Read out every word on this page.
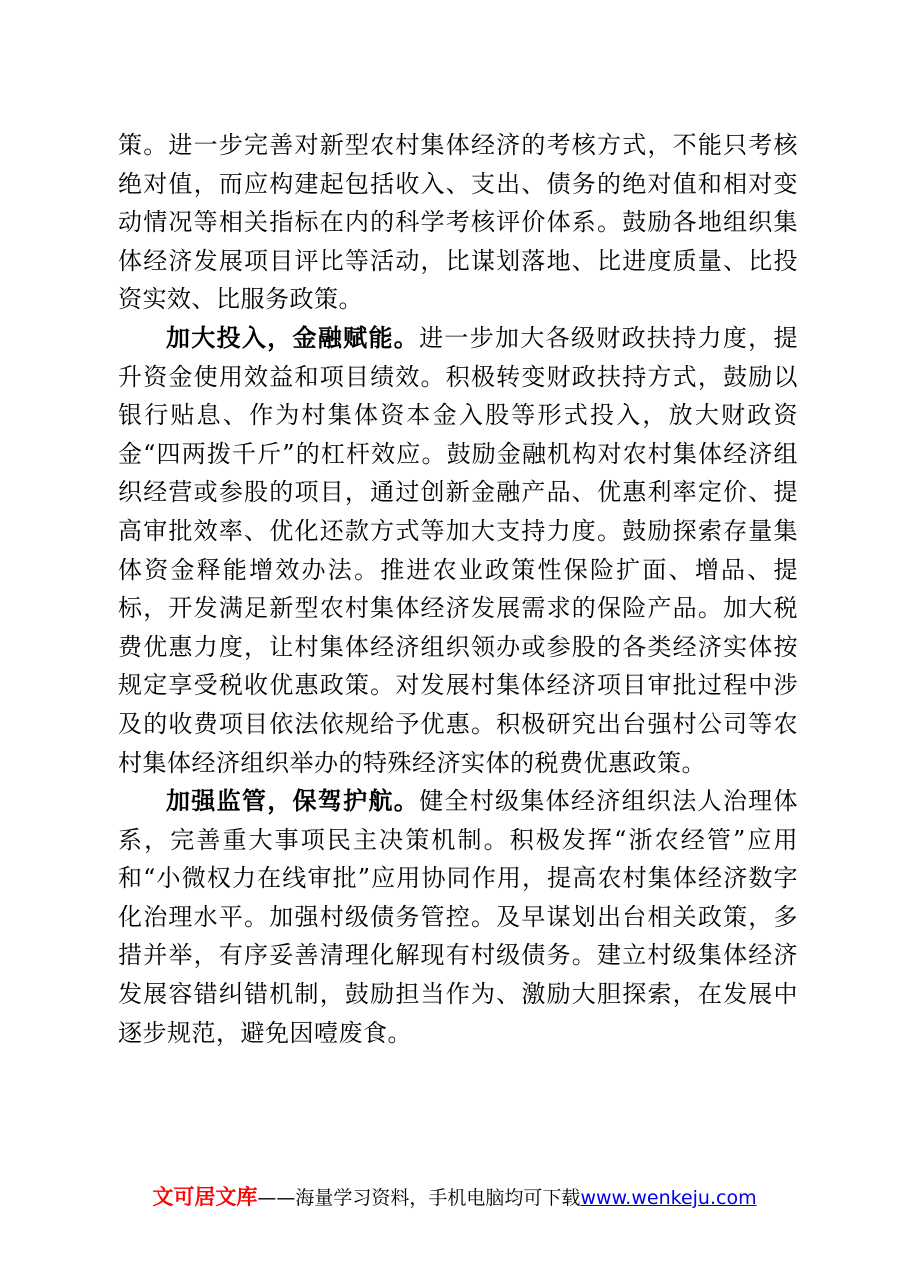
策。进一步完善对新型农村集体经济的考核方式，不能只考核绝对值，而应构建起包括收入、支出、债务的绝对值和相对变动情况等相关指标在内的科学考核评价体系。鼓励各地组织集体经济发展项目评比等活动，比谋划落地、比进度质量、比投资实效、比服务政策。

加大投入，金融赋能。进一步加大各级财政扶持力度，提升资金使用效益和项目绩效。积极转变财政扶持方式，鼓励以银行贴息、作为村集体资本金入股等形式投入，放大财政资金“四两拨千斤”的杠杆效应。鼓励金融机构对农村集体经济组织经营或参股的项目，通过创新金融产品、优惠利率定价、提高审批效率、优化还款方式等加大支持力度。鼓励探索存量集体资金释能增效办法。推进农业政策性保险扩面、增品、提标，开发满足新型农村集体经济发展需求的保险产品。加大税费优惠力度，让村集体经济组织领办或参股的各类经济实体按规定享受税收优惠政策。对发展村集体经济项目审批过程中涉及的收费项目依法依规给予优惠。积极研究出台强村公司等农村集体经济组织举办的特殊经济实体的税费优惠政策。

加强监管，保驾护航。健全村级集体经济组织法人治理体系，完善重大事项民主决策机制。积极发挥“浙农经管”应用和“小微权力在线审批”应用协同作用，提高农村集体经济数字化治理水平。加强村级债务管控。及早谋划出台相关政策，多措并举，有序妥善清理化解现有村级债务。建立村级集体经济发展容错纠错机制，鼓励担当作为、激励大胆探索，在发展中逐步规范，避免因噎废食。

文可居文库——海量学习资料，手机电脑均可下载www.wenkeju.com
